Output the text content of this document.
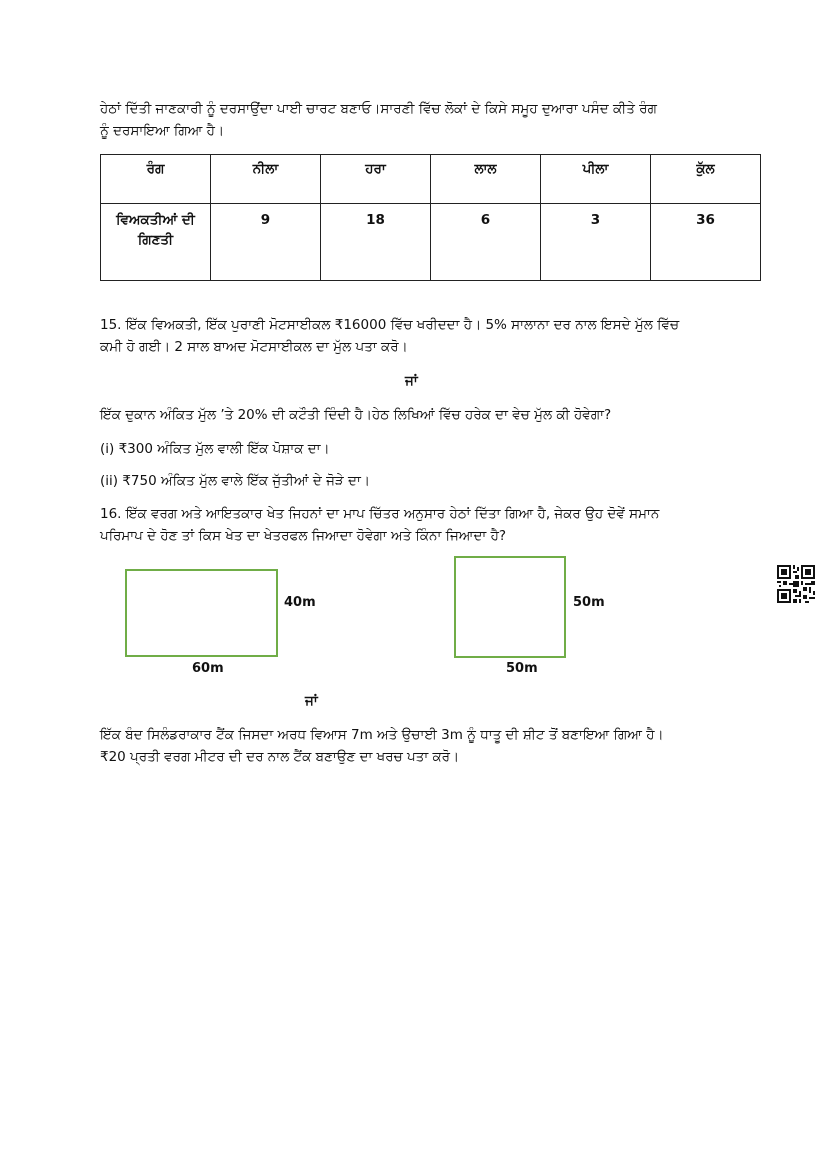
ਹੇਠਾਂ ਦਿੱਤੀ ਜਾਣਕਾਰੀ ਨੂੰ ਦਰਸਾਉਂਦਾ ਪਾਈ ਚਾਰਟ ਬਣਾਓ।ਸਾਰਣੀ ਵਿੱਚ ਲੋਕਾਂ ਦੇ ਕਿਸੇ ਸਮੂਹ ਦੁਆਰਾ ਪਸੰਦ ਕੀਤੇ ਰੰਗ
ਨੂੰ ਦਰਸਾਇਆ ਗਿਆ ਹੈ।
ਰੰਗ	ਨੀਲਾ	ਹਰਾ	ਲਾਲ	ਪੀਲਾ	ਕੁੱਲ
ਵਿਅਕਤੀਆਂ ਦੀ ਗਿਣਤੀ	9	18	6	3	36
15. ਇੱਕ ਵਿਅਕਤੀ, ਇੱਕ ਪੁਰਾਣੀ ਮੋਟਸਾਈਕਲ ₹16000 ਵਿੱਚ ਖਰੀਦਦਾ ਹੈ। 5% ਸਾਲਾਨਾ ਦਰ ਨਾਲ ਇਸਦੇ ਮੁੱਲ ਵਿੱਚ
ਕਮੀ ਹੋ ਗਈ। 2 ਸਾਲ ਬਾਅਦ ਮੋਟਸਾਈਕਲ ਦਾ ਮੁੱਲ ਪਤਾ ਕਰੋ।
ਜਾਂ
ਇੱਕ ਦੁਕਾਨ ਅੰਕਿਤ ਮੁੱਲ ’ਤੇ 20% ਦੀ ਕਟੌਤੀ ਦਿੰਦੀ ਹੈ।ਹੇਠ ਲਿਖਿਆਂ ਵਿੱਚ ਹਰੇਕ ਦਾ ਵੇਚ ਮੁੱਲ ਕੀ ਹੋਵੇਗਾ?
(i) ₹300 ਅੰਕਿਤ ਮੁੱਲ ਵਾਲੀ ਇੱਕ ਪੋਸ਼ਾਕ ਦਾ।
(ii) ₹750 ਅੰਕਿਤ ਮੁੱਲ ਵਾਲੇ ਇੱਕ ਜੁੱਤੀਆਂ ਦੇ ਜੋੜੇ ਦਾ।
16. ਇੱਕ ਵਰਗ ਅਤੇ ਆਇਤਕਾਰ ਖੇਤ ਜਿਹਨਾਂ ਦਾ ਮਾਪ ਚਿੱਤਰ ਅਨੁਸਾਰ ਹੇਠਾਂ ਦਿੱਤਾ ਗਿਆ ਹੈ, ਜੇਕਰ ਉਹ ਦੋਵੇਂ ਸਮਾਨ
ਪਰਿਮਾਪ ਦੇ ਹੋਣ ਤਾਂ ਕਿਸ ਖੇਤ ਦਾ ਖੇਤਰਫਲ ਜਿਆਦਾ ਹੋਵੇਗਾ ਅਤੇ ਕਿੰਨਾ ਜਿਆਦਾ ਹੈ?
40m
60m
50m
50m
ਜਾਂ
ਇੱਕ ਬੰਦ ਸਿਲੰਡਰਾਕਾਰ ਟੈਂਕ ਜਿਸਦਾ ਅਰਧ ਵਿਆਸ 7m ਅਤੇ ਉਚਾਈ 3m ਨੂੰ ਧਾਤੂ ਦੀ ਸ਼ੀਟ ਤੋਂ ਬਣਾਇਆ ਗਿਆ ਹੈ।
₹20 ਪ੍ਰਤੀ ਵਰਗ ਮੀਟਰ ਦੀ ਦਰ ਨਾਲ ਟੈਂਕ ਬਣਾਉਣ ਦਾ ਖਰਚ ਪਤਾ ਕਰੋ।
